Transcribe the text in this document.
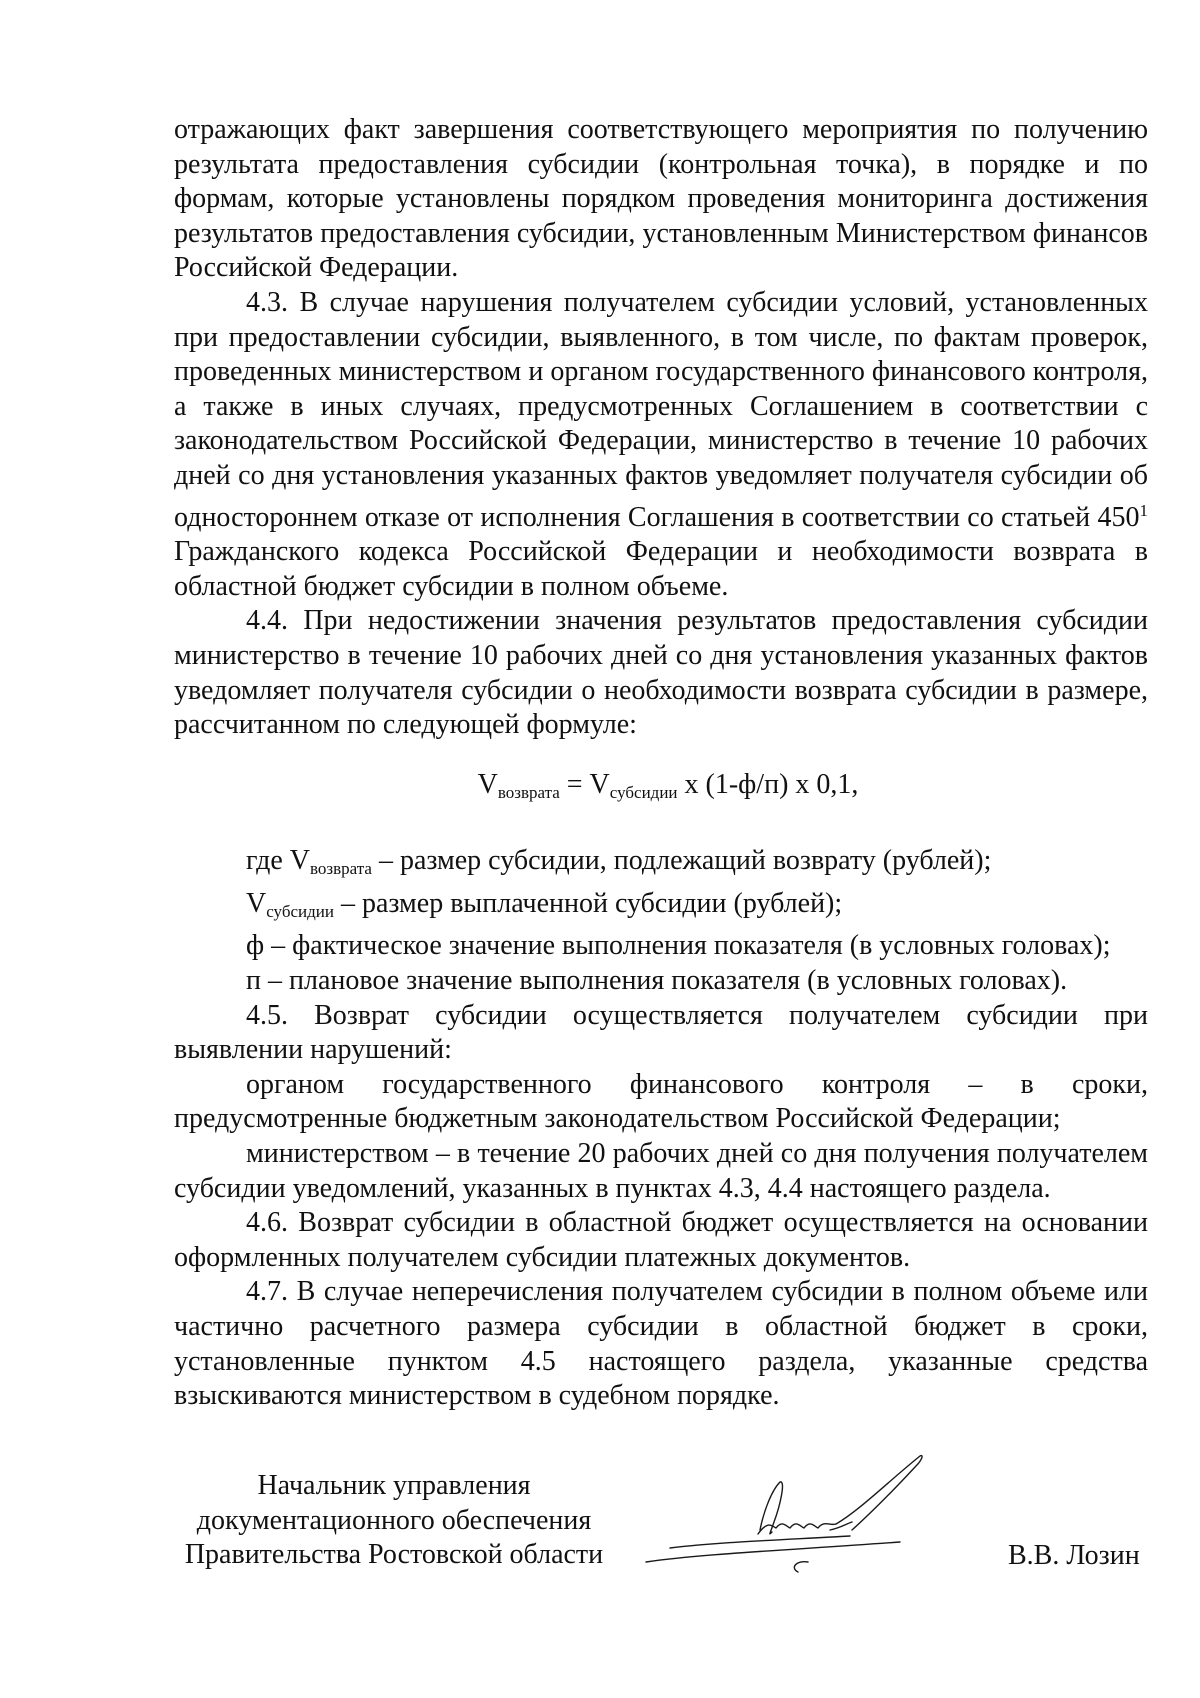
отражающих факт завершения соответствующего мероприятия по получению результата предоставления субсидии (контрольная точка), в порядке и по формам, которые установлены порядком проведения мониторинга достижения результатов предоставления субсидии, установленным Министерством финансов Российской Федерации.

4.3. В случае нарушения получателем субсидии условий, установленных при предоставлении субсидии, выявленного, в том числе, по фактам проверок, проведенных министерством и органом государственного финансового контроля, а также в иных случаях, предусмотренных Соглашением в соответствии с законодательством Российской Федерации, министерство в течение 10 рабочих дней со дня установления указанных фактов уведомляет получателя субсидии об одностороннем отказе от исполнения Соглашения в соответствии со статьей $450^1$ Гражданского кодекса Российской Федерации и необходимости возврата в областной бюджет субсидии в полном объеме.

4.4. При недостижении значения результатов предоставления субсидии министерство в течение 10 рабочих дней со дня установления указанных фактов уведомляет получателя субсидии о необходимости возврата субсидии в размере, рассчитанном по следующей формуле:

$V_{возврата} = V_{субсидии}$ х (1-ф/п) х 0,1,

где $V_{возврата}$ – размер субсидии, подлежащий возврату (рублей);

$V_{субсидии}$ – размер выплаченной субсидии (рублей);

ф – фактическое значение выполнения показателя (в условных головах);

п – плановое значение выполнения показателя (в условных головах).

4.5. Возврат субсидии осуществляется получателем субсидии при выявлении нарушений:

органом государственного финансового контроля – в сроки, предусмотренные бюджетным законодательством Российской Федерации;

министерством – в течение 20 рабочих дней со дня получения получателем субсидии уведомлений, указанных в пунктах 4.3, 4.4 настоящего раздела.

4.6. Возврат субсидии в областной бюджет осуществляется на основании оформленных получателем субсидии платежных документов.

4.7. В случае неперечисления получателем субсидии в полном объеме или частично расчетного размера субсидии в областной бюджет в сроки, установленные пунктом 4.5 настоящего раздела, указанные средства взыскиваются министерством в судебном порядке.

Начальник управления
документационного обеспечения
Правительства Ростовской области	В.В. Лозин
